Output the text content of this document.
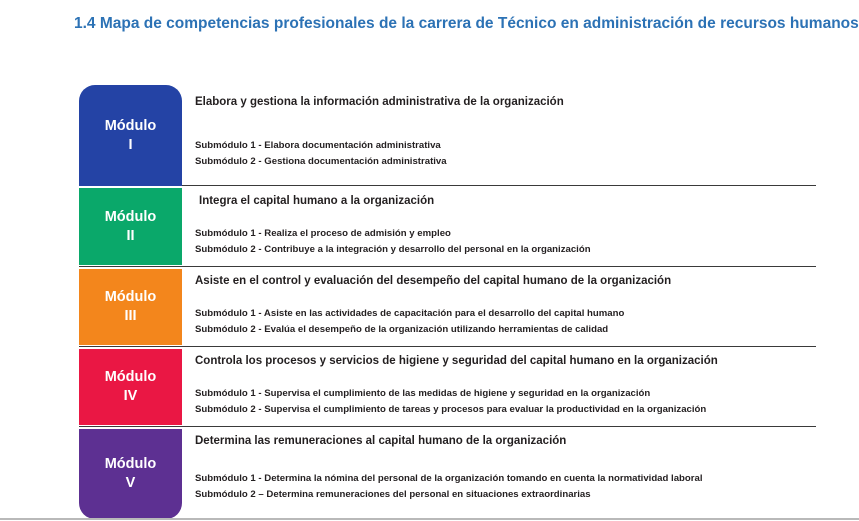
1.4 Mapa de competencias profesionales de la carrera de Técnico en administración de recursos humanos
Módulo
I
Elabora y gestiona la información administrativa de la organización
Submódulo 1 - Elabora documentación administrativa
Submódulo 2 - Gestiona documentación administrativa
Módulo
II
Integra el capital humano a la organización
Submódulo 1 - Realiza el proceso de admisión y empleo
Submódulo 2 - Contribuye a la integración y desarrollo del personal en la organización
Módulo
III
Asiste en el control y evaluación del desempeño del capital humano de la organización
Submódulo 1 - Asiste en las actividades de capacitación para el desarrollo del capital humano
Submódulo 2 - Evalúa el desempeño de la organización utilizando herramientas de calidad
Módulo
IV
Controla los procesos y servicios de higiene y seguridad del capital humano en la organización
Submódulo 1 - Supervisa el cumplimiento de las medidas de higiene y seguridad en la organización
Submódulo 2 - Supervisa el cumplimiento de tareas y procesos para evaluar la productividad en la organización
Módulo
V
Determina las remuneraciones al capital humano de la organización
Submódulo 1 - Determina la nómina del personal de la organización tomando en cuenta la normatividad laboral
Submódulo 2 – Determina remuneraciones del personal en situaciones extraordinarias
